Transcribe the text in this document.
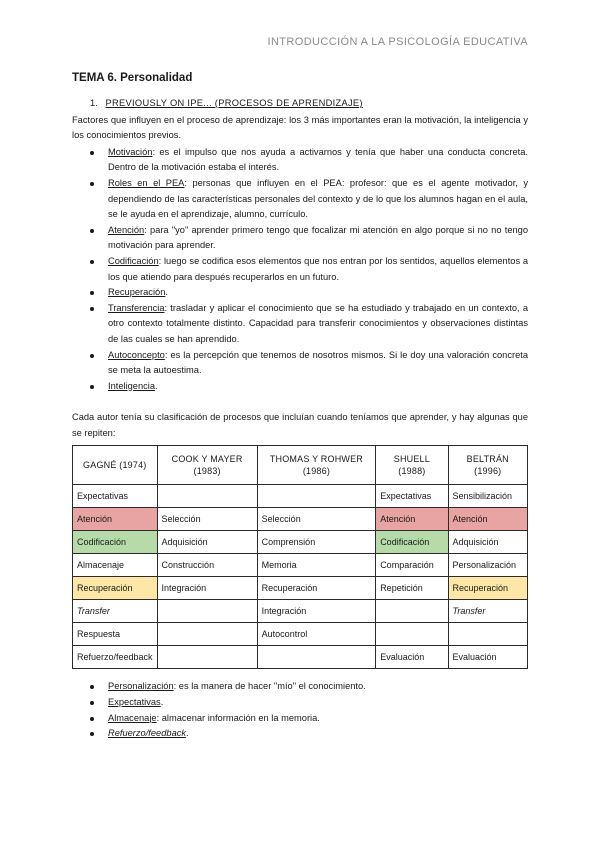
INTRODUCCIÓN A LA PSICOLOGÍA EDUCATIVA
TEMA 6. Personalidad
1. PREVIOUSLY ON IPE... (PROCESOS DE APRENDIZAJE)
Factores que influyen en el proceso de aprendizaje: los 3 más importantes eran la motivación, la inteligencia y los conocimientos previos.
Motivación: es el impulso que nos ayuda a activarnos y tenía que haber una conducta concreta. Dentro de la motivación estaba el interés.
Roles en el PEA: personas que influyen en el PEA: profesor: que es el agente motivador, y dependiendo de las características personales del contexto y de lo que los alumnos hagan en el aula, se le ayuda en el aprendizaje, alumno, currículo.
Atención: para "yo" aprender primero tengo que focalizar mi atención en algo porque si no no tengo motivación para aprender.
Codificación: luego se codifica esos elementos que nos entran por los sentidos, aquellos elementos a los que atiendo para después recuperarlos en un futuro.
Recuperación.
Transferencia: trasladar y aplicar el conocimiento que se ha estudiado y trabajado en un contexto, a otro contexto totalmente distinto. Capacidad para transferir conocimientos y observaciones distintas de las cuales se han aprendido.
Autoconcepto: es la percepción que tenemos de nosotros mismos. Si le doy una valoración concreta se meta la autoestima.
Inteligencia.
Cada autor tenía su clasificación de procesos que incluían cuando teníamos que aprender, y hay algunas que se repiten:
GAGNÉ (1974)	COOK Y MAYER (1983)	THOMAS Y ROHWER (1986)	SHUELL (1988)	BELTRÁN (1996)
Expectativas			Expectativas	Sensibilización
Atención	Selección	Selección	Atención	Atención
Codificación	Adquisición	Comprensión	Codificación	Adquisición
Almacenaje	Construcción	Memoria	Comparación	Personalización
Recuperación	Integración	Recuperación	Repetición	Recuperación
Transfer		Integración		Transfer
Respuesta		Autocontrol		
Refuerzo/feedback			Evaluación	Evaluación
Personalización: es la manera de hacer "mío" el conocimiento.
Expectativas.
Almacenaje: almacenar información en la memoria.
Refuerzo/feedback.
